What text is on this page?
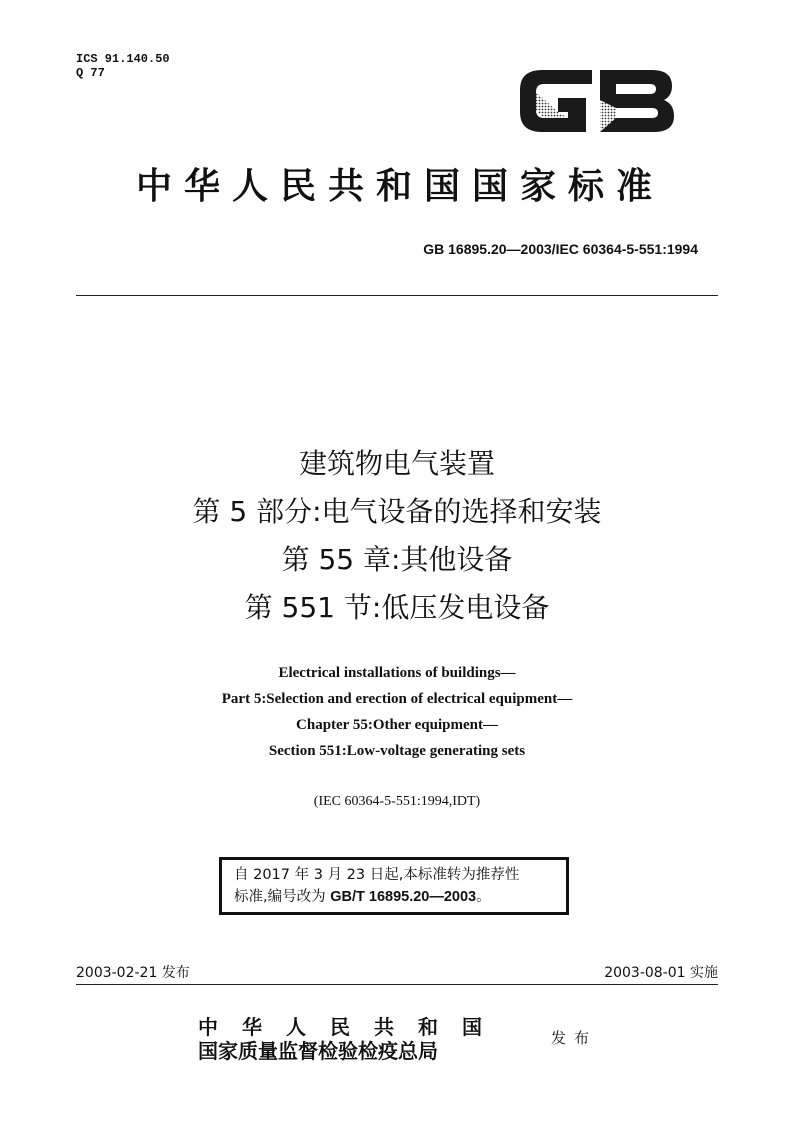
ICS 91.140.50
Q 77
中华人民共和国国家标准
GB 16895.20—2003/IEC 60364-5-551:1994
建筑物电气装置
第 5 部分:电气设备的选择和安装
第 55 章:其他设备
第 551 节:低压发电设备
Electrical installations of buildings—
Part 5:Selection and erection of electrical equipment—
Chapter 55:Other equipment—
Section 551:Low-voltage generating sets
(IEC 60364-5-551:1994,IDT)
自 2017 年 3 月 23 日起,本标准转为推荐性
标准,编号改为 GB/T 16895.20—2003。
2003-02-21 发布	2003-08-01 实施
中华人民共和国
国家质量监督检验检疫总局
发布
